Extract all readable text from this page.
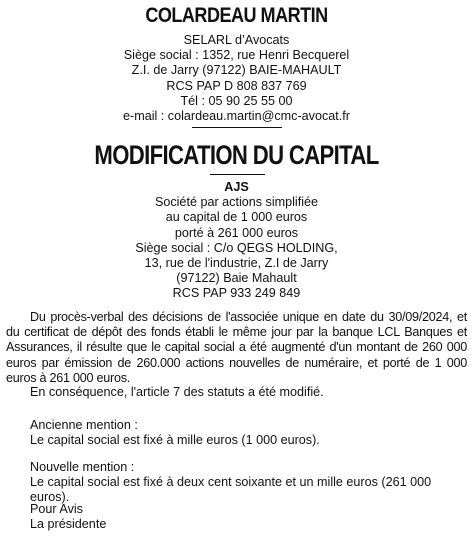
COLARDEAU MARTIN
SELARL d’Avocats
Siège social : 1352, rue Henri Becquerel
Z.I. de Jarry (97122) BAIE-MAHAULT
RCS PAP D 808 837 769
Tél : 05 90 25 55 00
e-mail : colardeau.martin@cmc-avocat.fr
MODIFICATION DU CAPITAL
AJS
Société par actions simplifiée
au capital de 1 000 euros
porté à 261 000 euros
Siège social : C/o QEGS HOLDING,
13, rue de l'industrie, Z.I de Jarry
(97122) Baie Mahault
RCS PAP 933 249 849
Du procès-verbal des décisions de l'associée unique en date du 30/09/2024, et du certificat de dépôt des fonds établi le même jour par la banque LCL Banques et Assurances, il résulte que le capital social a été augmenté d'un montant de 260 000 euros par émission de 260.000 actions nouvelles de numéraire, et porté de 1 000 euros à 261 000 euros.
En conséquence, l'article 7 des statuts a été modifié.
Ancienne mention :
Le capital social est fixé à mille euros (1 000 euros).
Nouvelle mention :
Le capital social est fixé à deux cent soixante et un mille euros (261 000 euros).
Pour Avis
La présidente
